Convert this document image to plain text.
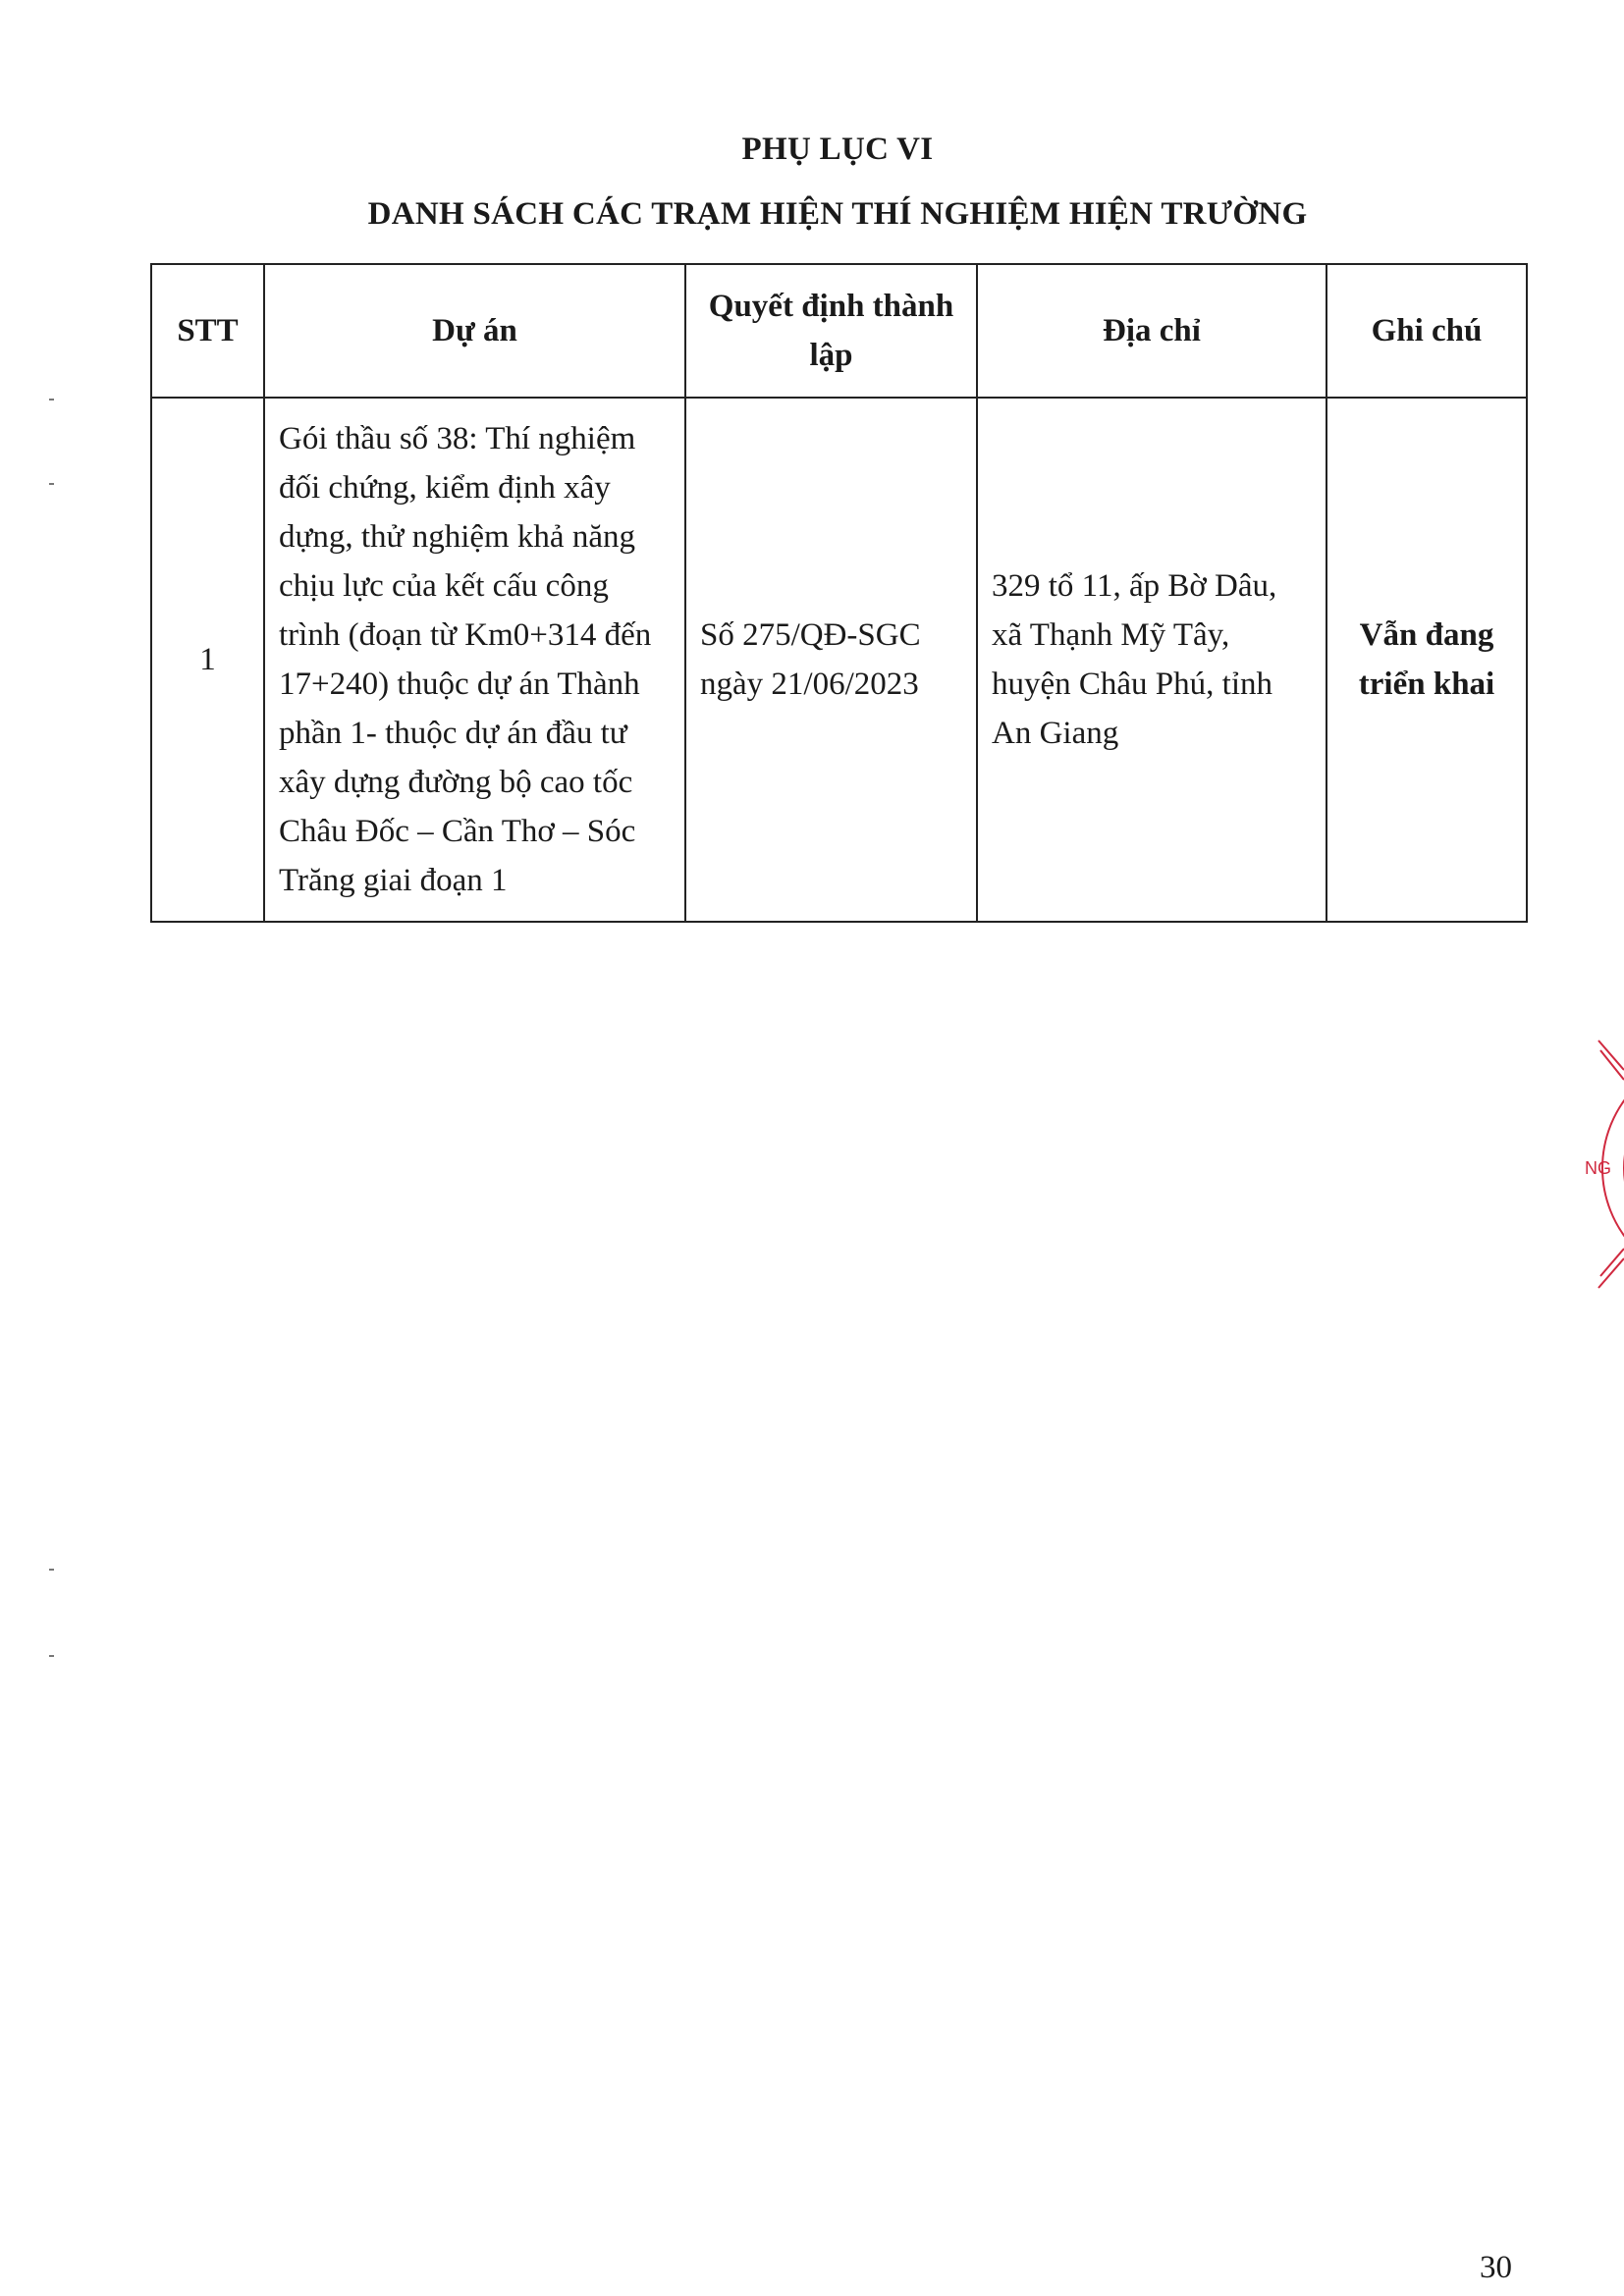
PHỤ LỤC VI
DANH SÁCH CÁC TRẠM HIỆN THÍ NGHIỆM HIỆN TRƯỜNG
STT	Dự án	Quyết định thành lập	Địa chỉ	Ghi chú
1	Gói thầu số 38: Thí nghiệm đối chứng, kiểm định xây dựng, thử nghiệm khả năng chịu lực của kết cấu công trình (đoạn từ Km0+314 đến 17+240) thuộc dự án Thành phần 1- thuộc dự án đầu tư xây dựng đường bộ cao tốc Châu Đốc – Cần Thơ – Sóc Trăng giai đoạn 1	Số 275/QĐ-SGC ngày 21/06/2023	329 tổ 11, ấp Bờ Dâu, xã Thạnh Mỹ Tây, huyện Châu Phú, tỉnh An Giang	Vẫn đang triển khai
30
NG
